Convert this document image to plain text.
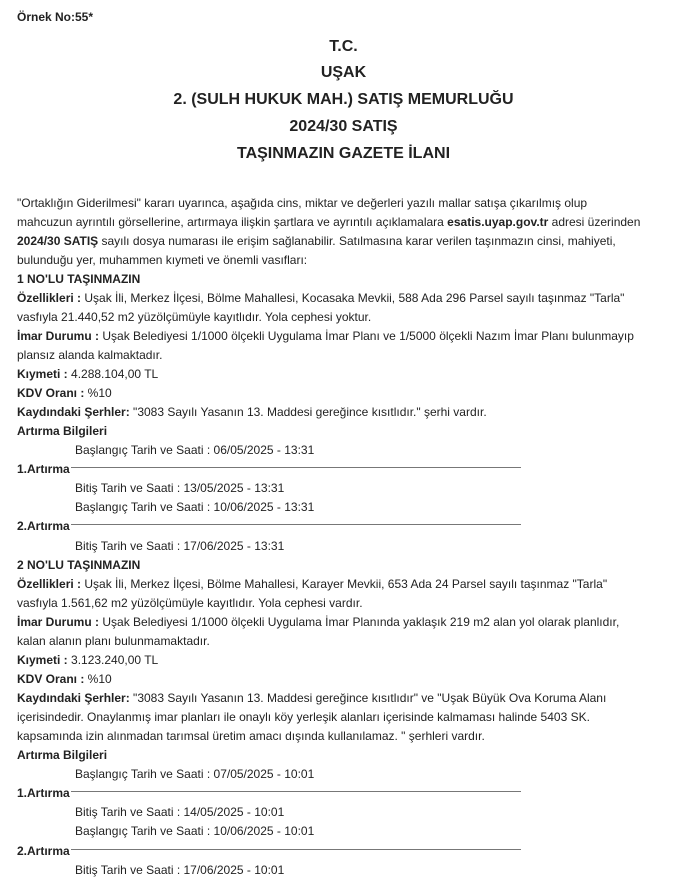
Örnek No:55*
T.C.
UŞAK
2. (SULH HUKUK MAH.) SATIŞ MEMURLUĞU
2024/30 SATIŞ
TAŞINMAZIN GAZETE İLANI
"Ortaklığın Giderilmesi" kararı uyarınca, aşağıda cins, miktar ve değerleri yazılı mallar satışa çıkarılmış olup
mahcuzun ayrıntılı görsellerine, artırmaya ilişkin şartlara ve ayrıntılı açıklamalara esatis.uyap.gov.tr adresi üzerinden
2024/30 SATIŞ sayılı dosya numarası ile erişim sağlanabilir. Satılmasına karar verilen taşınmazın cinsi, mahiyeti,
bulunduğu yer, muhammen kıymeti ve önemli vasıfları:
1 NO'LU TAŞINMAZIN
Özellikleri : Uşak İli, Merkez İlçesi, Bölme Mahallesi, Kocasaka Mevkii, 588 Ada 296 Parsel sayılı taşınmaz "Tarla"
vasfıyla 21.440,52 m2 yüzölçümüyle kayıtlıdır. Yola cephesi yoktur.
İmar Durumu : Uşak Belediyesi 1/1000 ölçekli Uygulama İmar Planı ve 1/5000 ölçekli Nazım İmar Planı bulunmayıp
plansız alanda kalmaktadır.
Kıymeti : 4.288.104,00 TL
KDV Oranı : %10
Kaydındaki Şerhler: "3083 Sayılı Yasanın 13. Maddesi gereğince kısıtlıdır." şerhi vardır.
Artırma Bilgileri
Başlangıç Tarih ve Saati : 06/05/2025 - 13:31
1.Artırma
Bitiş Tarih ve Saati : 13/05/2025 - 13:31
Başlangıç Tarih ve Saati : 10/06/2025 - 13:31
2.Artırma
Bitiş Tarih ve Saati : 17/06/2025 - 13:31
2 NO'LU TAŞINMAZIN
Özellikleri : Uşak İli, Merkez İlçesi, Bölme Mahallesi, Karayer Mevkii, 653 Ada 24 Parsel sayılı taşınmaz "Tarla"
vasfıyla 1.561,62 m2 yüzölçümüyle kayıtlıdır. Yola cephesi vardır.
İmar Durumu : Uşak Belediyesi 1/1000 ölçekli Uygulama İmar Planında yaklaşık 219 m2 alan yol olarak planlıdır,
kalan alanın planı bulunmamaktadır.
Kıymeti : 3.123.240,00 TL
KDV Oranı : %10
Kaydındaki Şerhler: "3083 Sayılı Yasanın 13. Maddesi gereğince kısıtlıdır" ve "Uşak Büyük Ova Koruma Alanı
içerisindedir. Onaylanmış imar planları ile onaylı köy yerleşik alanları içerisinde kalmaması halinde 5403 SK.
kapsamında izin alınmadan tarımsal üretim amacı dışında kullanılamaz. " şerhleri vardır.
Artırma Bilgileri
Başlangıç Tarih ve Saati : 07/05/2025 - 10:01
1.Artırma
Bitiş Tarih ve Saati : 14/05/2025 - 10:01
Başlangıç Tarih ve Saati : 10/06/2025 - 10:01
2.Artırma
Bitiş Tarih ve Saati : 17/06/2025 - 10:01
